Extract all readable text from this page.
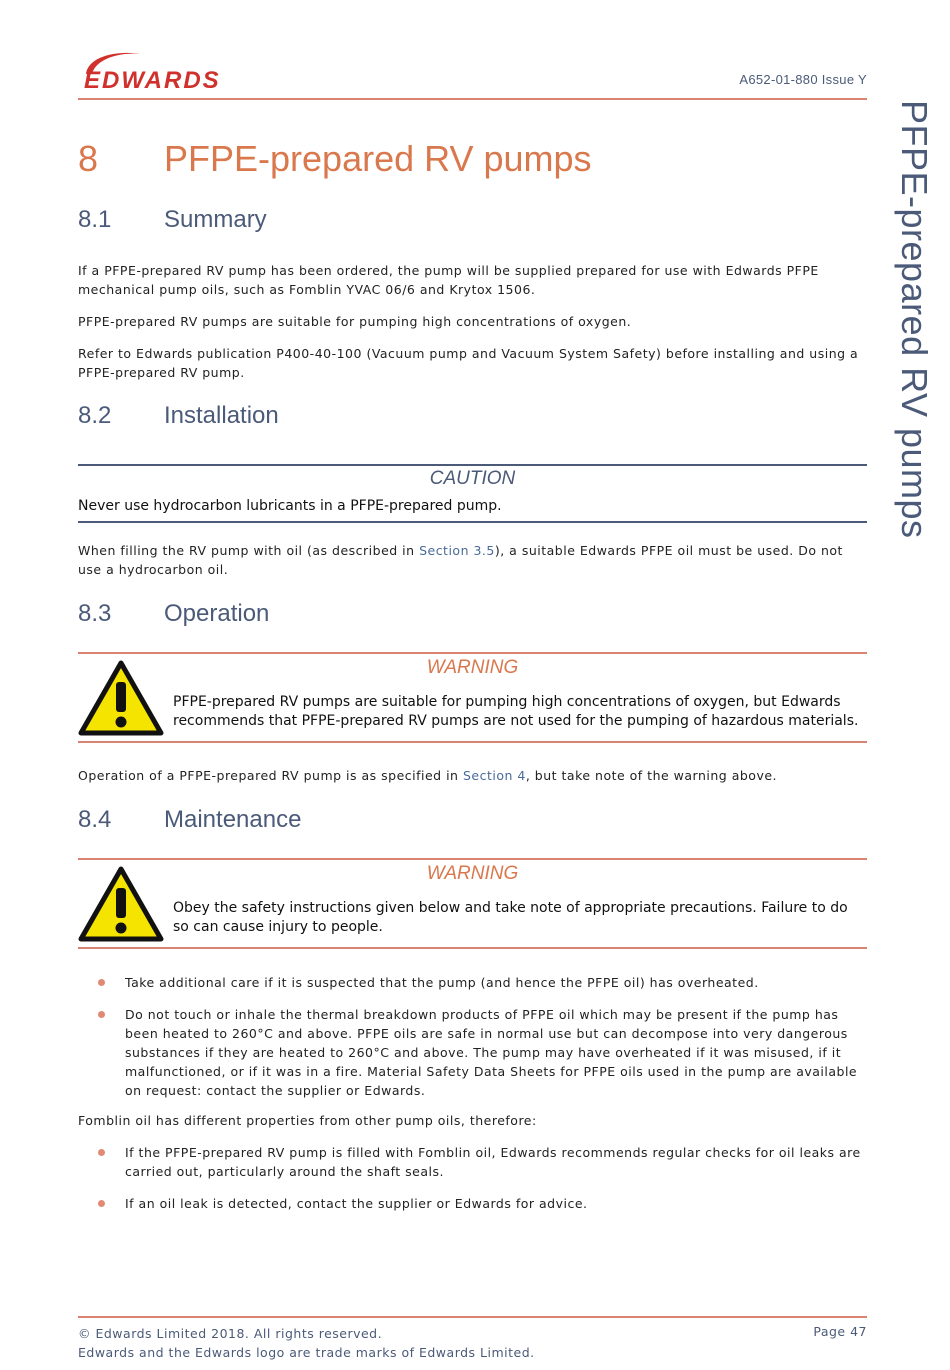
EDWARDS	A652-01-880 Issue Y
PFPE-prepared RV pumps
8 PFPE-prepared RV pumps
8.1 Summary
If a PFPE-prepared RV pump has been ordered, the pump will be supplied prepared for use with Edwards PFPE mechanical pump oils, such as Fomblin YVAC 06/6 and Krytox 1506.
PFPE-prepared RV pumps are suitable for pumping high concentrations of oxygen.
Refer to Edwards publication P400-40-100 (Vacuum pump and Vacuum System Safety) before installing and using a PFPE-prepared RV pump.
8.2 Installation
CAUTION
Never use hydrocarbon lubricants in a PFPE-prepared pump.
When filling the RV pump with oil (as described in Section 3.5), a suitable Edwards PFPE oil must be used. Do not use a hydrocarbon oil.
8.3 Operation
WARNING
PFPE-prepared RV pumps are suitable for pumping high concentrations of oxygen, but Edwards recommends that PFPE-prepared RV pumps are not used for the pumping of hazardous materials.
Operation of a PFPE-prepared RV pump is as specified in Section 4, but take note of the warning above.
8.4 Maintenance
WARNING
Obey the safety instructions given below and take note of appropriate precautions. Failure to do so can cause injury to people.
Take additional care if it is suspected that the pump (and hence the PFPE oil) has overheated.
Do not touch or inhale the thermal breakdown products of PFPE oil which may be present if the pump has been heated to 260°C and above. PFPE oils are safe in normal use but can decompose into very dangerous substances if they are heated to 260°C and above. The pump may have overheated if it was misused, if it malfunctioned, or if it was in a fire. Material Safety Data Sheets for PFPE oils used in the pump are available on request: contact the supplier or Edwards.
Fomblin oil has different properties from other pump oils, therefore:
If the PFPE-prepared RV pump is filled with Fomblin oil, Edwards recommends regular checks for oil leaks are carried out, particularly around the shaft seals.
If an oil leak is detected, contact the supplier or Edwards for advice.
© Edwards Limited 2018. All rights reserved.
Edwards and the Edwards logo are trade marks of Edwards Limited.
Page 47
